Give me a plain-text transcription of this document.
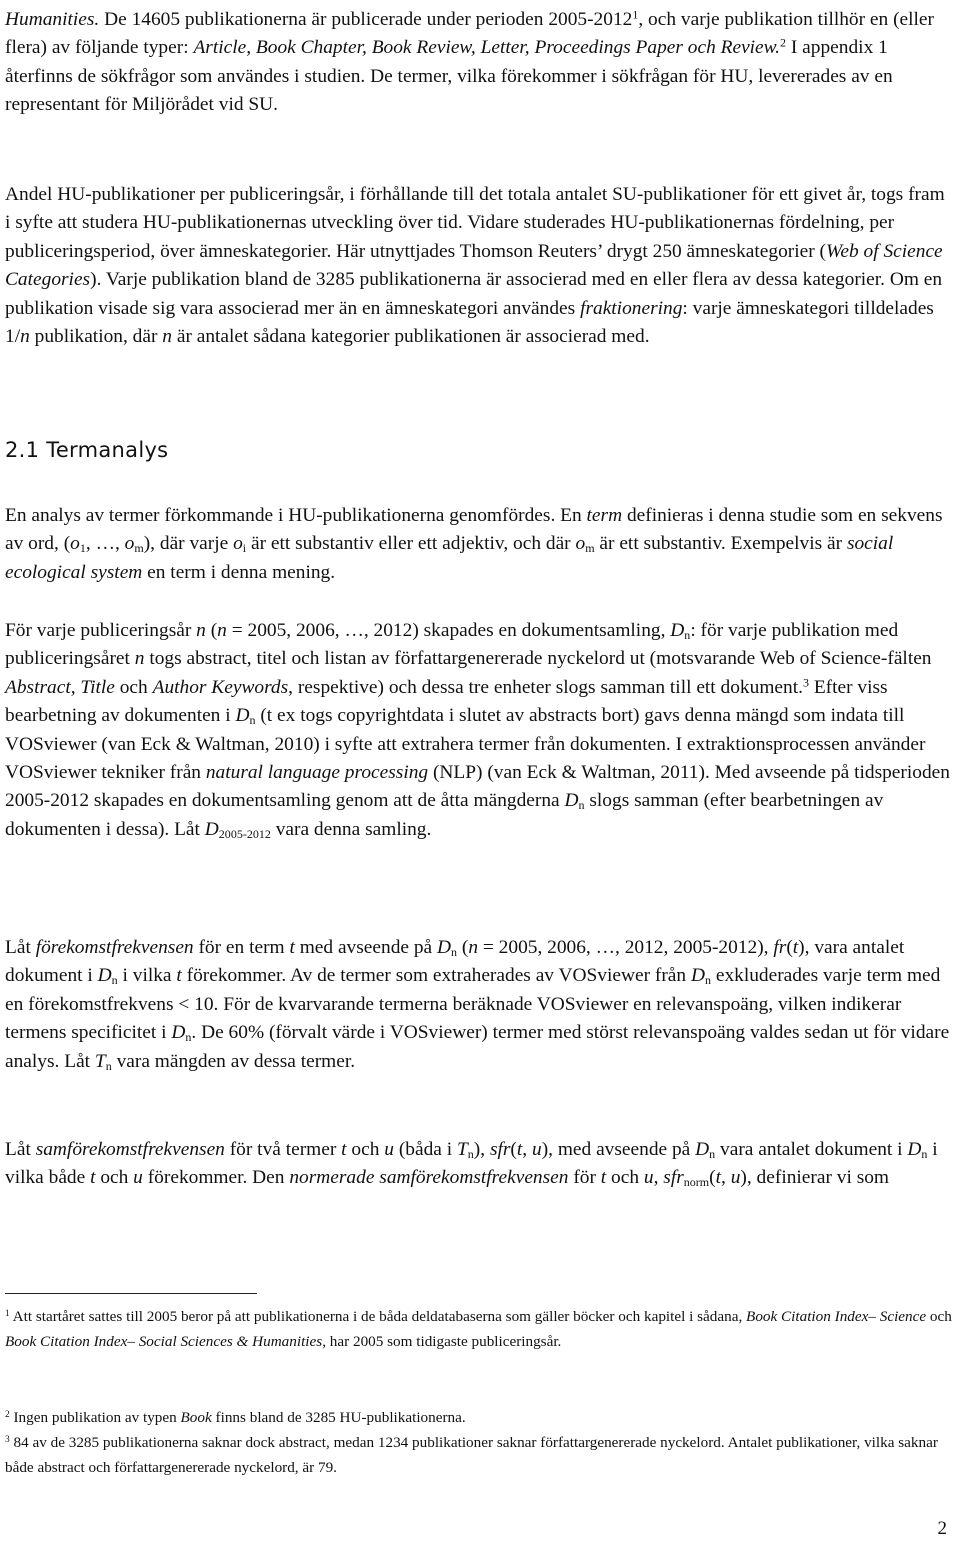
Humanities. De 14605 publikationerna är publicerade under perioden 2005-2012$^1$, och varje publikation tillhör en (eller flera) av följande typer: Article, Book Chapter, Book Review, Letter, Proceedings Paper och Review.$^2$ I appendix 1 återfinns de sökfrågor som användes i studien. De termer, vilka förekommer i sökfrågan för HU, levererades av en representant för Miljörådet vid SU.

Andel HU-publikationer per publiceringsår, i förhållande till det totala antalet SU-publikationer för ett givet år, togs fram i syfte att studera HU-publikationernas utveckling över tid. Vidare studerades HU-publikationernas fördelning, per publiceringsperiod, över ämneskategorier. Här utnyttjades Thomson Reuters’ drygt 250 ämneskategorier (Web of Science Categories). Varje publikation bland de 3285 publikationerna är associerad med en eller flera av dessa kategorier. Om en publikation visade sig vara associerad mer än en ämneskategori användes fraktionering: varje ämneskategori tilldelades 1/n publikation, där n är antalet sådana kategorier publikationen är associerad med.

2.1 Termanalys

En analys av termer förkommande i HU-publikationerna genomfördes. En term definieras i denna studie som en sekvens av ord, ($o_1$, …, $o_m$), där varje $o_i$ är ett substantiv eller ett adjektiv, och där $o_m$ är ett substantiv. Exempelvis är social ecological system en term i denna mening.

För varje publiceringsår n (n = 2005, 2006, …, 2012) skapades en dokumentsamling, $D_n$: för varje publikation med publiceringsåret n togs abstract, titel och listan av författargenererade nyckelord ut (motsvarande Web of Science-fälten Abstract, Title och Author Keywords, respektive) och dessa tre enheter slogs samman till ett dokument.$^3$ Efter viss bearbetning av dokumenten i $D_n$ (t ex togs copyrightdata i slutet av abstracts bort) gavs denna mängd som indata till VOSviewer (van Eck & Waltman, 2010) i syfte att extrahera termer från dokumenten. I extraktionsprocessen använder VOSviewer tekniker från natural language processing (NLP) (van Eck & Waltman, 2011). Med avseende på tidsperioden 2005-2012 skapades en dokumentsamling genom att de åtta mängderna $D_n$ slogs samman (efter bearbetningen av dokumenten i dessa). Låt $D_{2005-2012}$ vara denna samling.

Låt förekomstfrekvensen för en term t med avseende på $D_n$ (n = 2005, 2006, …, 2012, 2005-2012), fr(t), vara antalet dokument i $D_n$ i vilka t förekommer. Av de termer som extraherades av VOSviewer från $D_n$ exkluderades varje term med en förekomstfrekvens < 10. För de kvarvarande termerna beräknade VOSviewer en relevanspoäng, vilken indikerar termens specificitet i $D_n$. De 60% (förvalt värde i VOSviewer) termer med störst relevanspoäng valdes sedan ut för vidare analys. Låt $T_n$ vara mängden av dessa termer.

Låt samförekomstfrekvensen för två termer t och u (båda i $T_n$), sfr(t, u), med avseende på $D_n$ vara antalet dokument i $D_n$ i vilka både t och u förekommer. Den normerade samförekomstfrekvensen för t och u, sfr$_{norm}$(t, u), definierar vi som

$^1$ Att startåret sattes till 2005 beror på att publikationerna i de båda deldatabaserna som gäller böcker och kapitel i sådana, Book Citation Index– Science och Book Citation Index– Social Sciences & Humanities, har 2005 som tidigaste publiceringsår.

$^2$ Ingen publikation av typen Book finns bland de 3285 HU-publikationerna.

$^3$ 84 av de 3285 publikationerna saknar dock abstract, medan 1234 publikationer saknar författargenererade nyckelord. Antalet publikationer, vilka saknar både abstract och författargenererade nyckelord, är 79.

2
